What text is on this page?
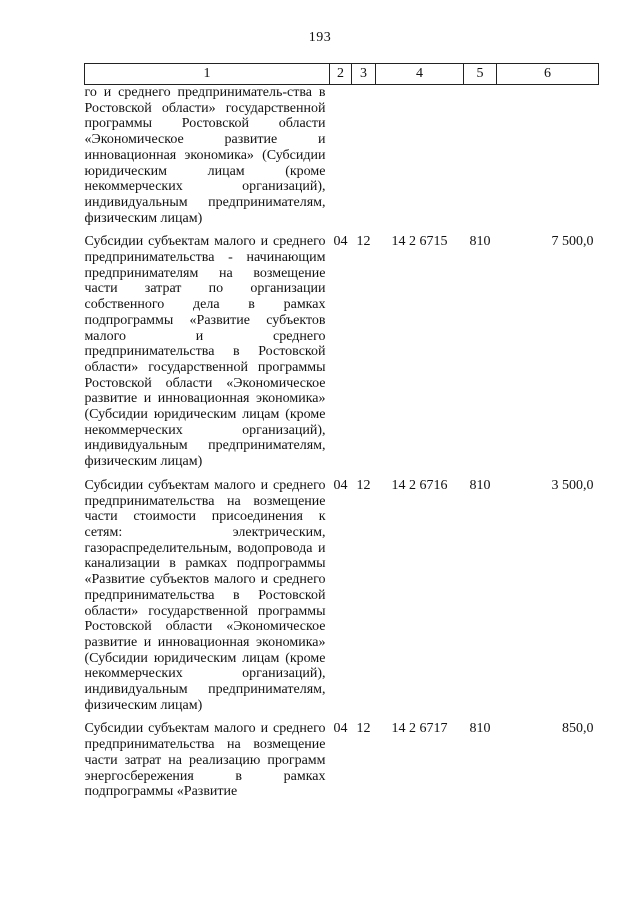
193
1	2	3	4	5	6
го и среднего предприниматель-ства в Ростовской области» государственной программы Ростовской области «Экономическое развитие и инновационная экономика» (Субсидии юридическим лицам (кроме некоммерческих организаций), индивидуальным предпринимателям, физическим лицам)					
Субсидии субъектам малого и среднего предпринимательства - начинающим предпринимателям на возмещение части затрат по организации собственного дела в рамках подпрограммы «Развитие субъектов малого и среднего предпринимательства в Ростовской области» государственной программы Ростовской области «Экономическое развитие и инновационная экономика» (Субсидии юридическим лицам (кроме некоммерческих организаций), индивидуальным предпринимателям, физическим лицам)	04	12	14 2 6715	810	7 500,0
Субсидии субъектам малого и среднего предпринимательства на возмещение части стоимости присоединения к сетям: электрическим, газораспределительным, водопровода и канализации в рамках подпрограммы «Развитие субъектов малого и среднего предпринимательства в Ростовской области» государственной программы Ростовской области «Экономическое развитие и инновационная экономика» (Субсидии юридическим лицам (кроме некоммерческих организаций), индивидуальным предпринимателям, физическим лицам)	04	12	14 2 6716	810	3 500,0
Субсидии субъектам малого и среднего предпринимательства на возмещение части затрат на реализацию программ энергосбережения в рамках подпрограммы «Развитие	04	12	14 2 6717	810	850,0
